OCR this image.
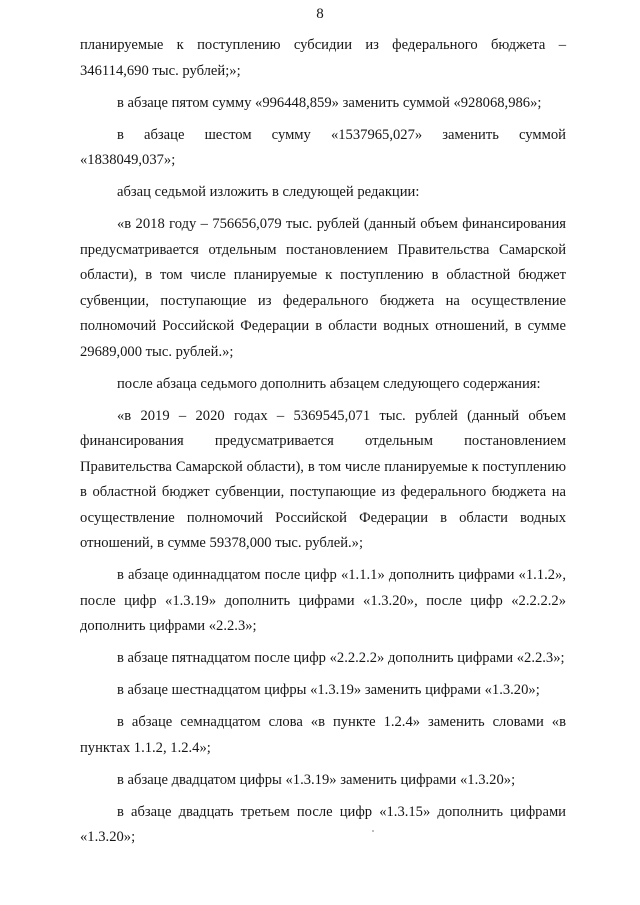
8

планируемые к поступлению субсидии из федерального бюджета – 346114,690 тыс. рублей;»;

в абзаце пятом сумму «996448,859» заменить суммой «928068,986»;

в абзаце шестом сумму «1537965,027» заменить суммой «1838049,037»;

абзац седьмой изложить в следующей редакции:

«в 2018 году – 756656,079 тыс. рублей (данный объем финансирования предусматривается отдельным постановлением Правительства Самарской области), в том числе планируемые к поступлению в областной бюджет субвенции, поступающие из федерального бюджета на осуществление полномочий Российской Федерации в области водных отношений, в сумме 29689,000 тыс. рублей.»;

после абзаца седьмого дополнить абзацем следующего содержания:

«в 2019 – 2020 годах – 5369545,071 тыс. рублей (данный объем финансирования предусматривается отдельным постановлением Правительства Самарской области), в том числе планируемые к поступлению в областной бюджет субвенции, поступающие из федерального бюджета на осуществление полномочий Российской Федерации в области водных отношений, в сумме 59378,000 тыс. рублей.»;

в абзаце одиннадцатом после цифр «1.1.1» дополнить цифрами «1.1.2», после цифр «1.3.19» дополнить цифрами «1.3.20», после цифр «2.2.2.2» дополнить цифрами «2.2.3»;

в абзаце пятнадцатом после цифр «2.2.2.2» дополнить цифрами «2.2.3»;

в абзаце шестнадцатом цифры «1.3.19» заменить цифрами «1.3.20»;

в абзаце семнадцатом слова «в пункте 1.2.4» заменить словами «в пунктах 1.1.2, 1.2.4»;

в абзаце двадцатом цифры «1.3.19» заменить цифрами «1.3.20»;

в абзаце двадцать третьем после цифр «1.3.15» дополнить цифрами «1.3.20»;
